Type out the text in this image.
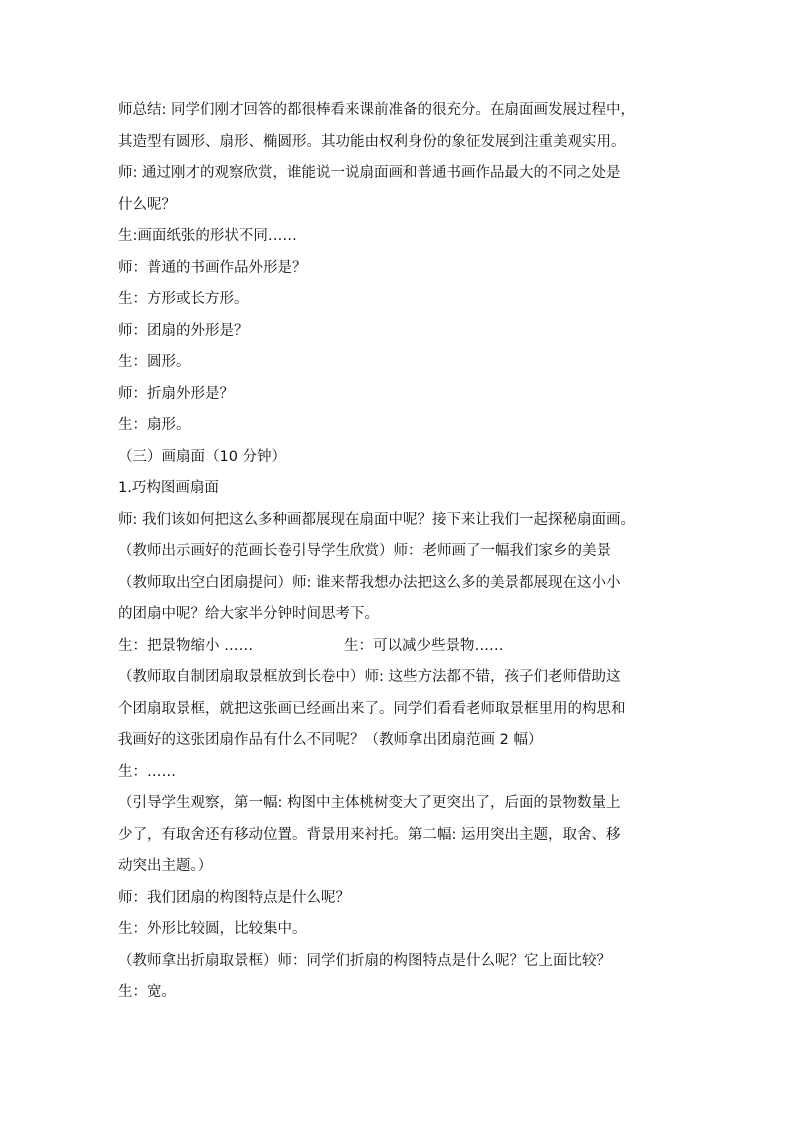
师总结: 同学们刚才回答的都很棒看来课前准备的很充分。在扇面画发展过程中，
其造型有圆形、扇形、椭圆形。其功能由权利身份的象征发展到注重美观实用。
师: 通过刚才的观察欣赏，谁能说一说扇面画和普通书画作品最大的不同之处是
什么呢？
生:画面纸张的形状不同……
师：普通的书画作品外形是？
生：方形或长方形。
师：团扇的外形是？
生：圆形。
师：折扇外形是？
生：扇形。
（三）画扇面（10 分钟）
1.巧构图画扇面
师: 我们该如何把这么多种画都展现在扇面中呢？接下来让我们一起探秘扇面画。
（教师出示画好的范画长卷引导学生欣赏）师：老师画了一幅我们家乡的美景
（教师取出空白团扇提问）师: 谁来帮我想办法把这么多的美景都展现在这小小
的团扇中呢？给大家半分钟时间思考下。
生：把景物缩小 ……	生：可以减少些景物……
（教师取自制团扇取景框放到长卷中）师: 这些方法都不错，孩子们老师借助这
个团扇取景框，就把这张画已经画出来了。同学们看看老师取景框里用的构思和
我画好的这张团扇作品有什么不同呢？（教师拿出团扇范画 2 幅）
生：……
（引导学生观察，第一幅: 构图中主体桃树变大了更突出了，后面的景物数量上
少了，有取舍还有移动位置。背景用来衬托。第二幅: 运用突出主题，取舍、移
动突出主题。）
师：我们团扇的构图特点是什么呢？
生：外形比较圆，比较集中。
（教师拿出折扇取景框）师：同学们折扇的构图特点是什么呢？它上面比较？
生：宽。
